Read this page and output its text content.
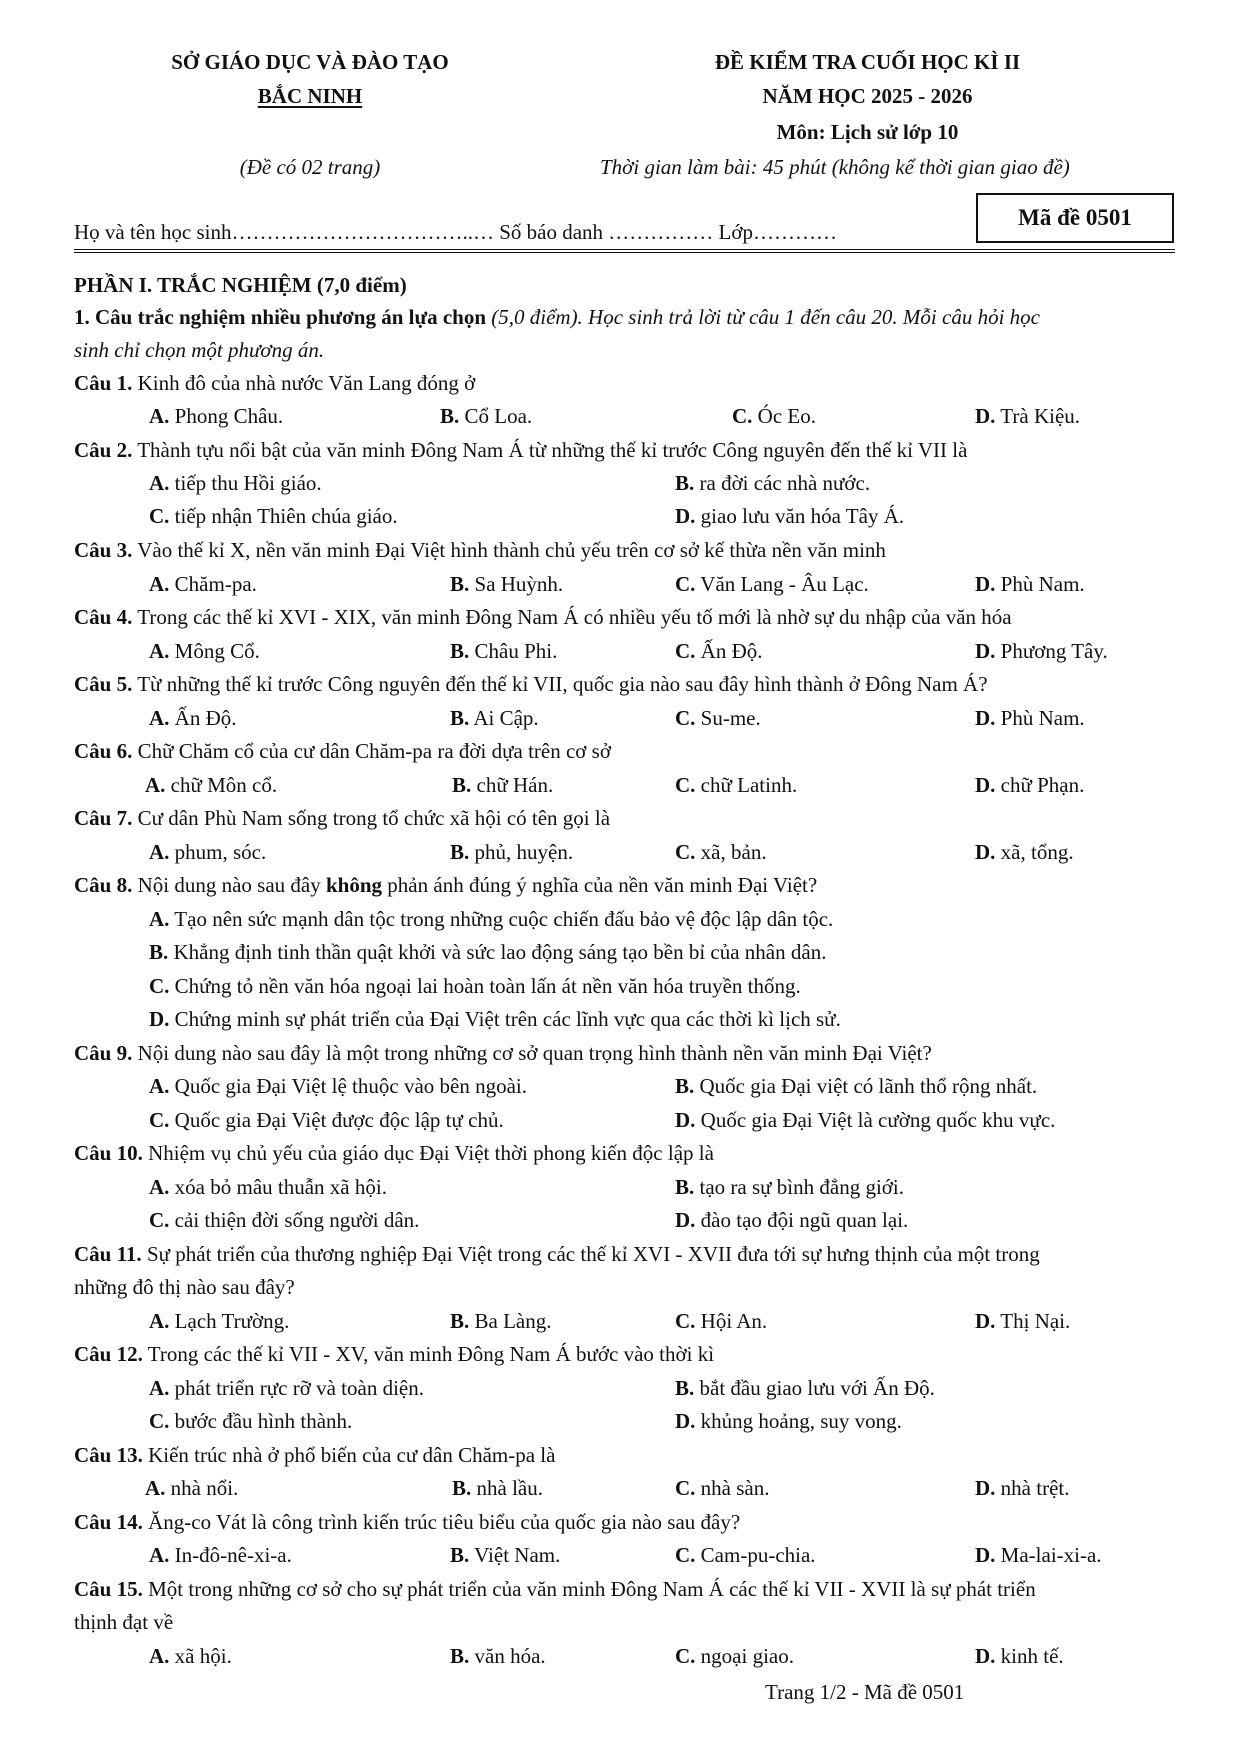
SỞ GIÁO DỤC VÀ ĐÀO TẠO
BẮC NINH
(Đề có 02 trang)
ĐỀ KIỂM TRA CUỐI HỌC KÌ II
NĂM HỌC 2025 - 2026
Môn: Lịch sử lớp 10
Thời gian làm bài: 45 phút (không kể thời gian giao đề)
Họ và tên học sinh……………………………..… Số báo danh …………… Lớp…………
Mã đề 0501
PHẦN I. TRẮC NGHIỆM (7,0 điểm)
1. Câu trắc nghiệm nhiều phương án lựa chọn (5,0 điểm). Học sinh trả lời từ câu 1 đến câu 20. Mỗi câu hỏi học
sinh chỉ chọn một phương án.
Câu 1. Kinh đô của nhà nước Văn Lang đóng ở
A. Phong Châu.	B. Cổ Loa.	C. Óc Eo.	D. Trà Kiệu.
Câu 2. Thành tựu nổi bật của văn minh Đông Nam Á từ những thế kỉ trước Công nguyên đến thế kỉ VII là
A. tiếp thu Hồi giáo.	B. ra đời các nhà nước.
C. tiếp nhận Thiên chúa giáo.	D. giao lưu văn hóa Tây Á.
Câu 3. Vào thế kỉ X, nền văn minh Đại Việt hình thành chủ yếu trên cơ sở kế thừa nền văn minh
A. Chăm-pa.	B. Sa Huỳnh.	C. Văn Lang - Âu Lạc.	D. Phù Nam.
Câu 4. Trong các thế kỉ XVI - XIX, văn minh Đông Nam Á có nhiều yếu tố mới là nhờ sự du nhập của văn hóa
A. Mông Cổ.	B. Châu Phi.	C. Ấn Độ.	D. Phương Tây.
Câu 5. Từ những thế kỉ trước Công nguyên đến thế kỉ VII, quốc gia nào sau đây hình thành ở Đông Nam Á?
A. Ấn Độ.	B. Ai Cập.	C. Su-me.	D. Phù Nam.
Câu 6. Chữ Chăm cổ của cư dân Chăm-pa ra đời dựa trên cơ sở
A. chữ Môn cổ.	B. chữ Hán.	C. chữ Latinh.	D. chữ Phạn.
Câu 7. Cư dân Phù Nam sống trong tổ chức xã hội có tên gọi là
A. phum, sóc.	B. phủ, huyện.	C. xã, bản.	D. xã, tổng.
Câu 8. Nội dung nào sau đây không phản ánh đúng ý nghĩa của nền văn minh Đại Việt?
A. Tạo nên sức mạnh dân tộc trong những cuộc chiến đấu bảo vệ độc lập dân tộc.
B. Khẳng định tinh thần quật khởi và sức lao động sáng tạo bền bỉ của nhân dân.
C. Chứng tỏ nền văn hóa ngoại lai hoàn toàn lấn át nền văn hóa truyền thống.
D. Chứng minh sự phát triển của Đại Việt trên các lĩnh vực qua các thời kì lịch sử.
Câu 9. Nội dung nào sau đây là một trong những cơ sở quan trọng hình thành nền văn minh Đại Việt?
A. Quốc gia Đại Việt lệ thuộc vào bên ngoài.	B. Quốc gia Đại việt có lãnh thổ rộng nhất.
C. Quốc gia Đại Việt được độc lập tự chủ.	D. Quốc gia Đại Việt là cường quốc khu vực.
Câu 10. Nhiệm vụ chủ yếu của giáo dục Đại Việt thời phong kiến độc lập là
A. xóa bỏ mâu thuẫn xã hội.	B. tạo ra sự bình đẳng giới.
C. cải thiện đời sống người dân.	D. đào tạo đội ngũ quan lại.
Câu 11. Sự phát triển của thương nghiệp Đại Việt trong các thế kỉ XVI - XVII đưa tới sự hưng thịnh của một trong
những đô thị nào sau đây?
A. Lạch Trường.	B. Ba Làng.	C. Hội An.	D. Thị Nại.
Câu 12. Trong các thế kỉ VII - XV, văn minh Đông Nam Á bước vào thời kì
A. phát triển rực rỡ và toàn diện.	B. bắt đầu giao lưu với Ấn Độ.
C. bước đầu hình thành.	D. khủng hoảng, suy vong.
Câu 13. Kiến trúc nhà ở phổ biến của cư dân Chăm-pa là
A. nhà nổi.	B. nhà lầu.	C. nhà sàn.	D. nhà trệt.
Câu 14. Ăng-co Vát là công trình kiến trúc tiêu biểu của quốc gia nào sau đây?
A. In-đô-nê-xi-a.	B. Việt Nam.	C. Cam-pu-chia.	D. Ma-lai-xi-a.
Câu 15. Một trong những cơ sở cho sự phát triển của văn minh Đông Nam Á các thế kỉ VII - XVII là sự phát triển
thịnh đạt về
A. xã hội.	B. văn hóa.	C. ngoại giao.	D. kinh tế.
Trang 1/2 - Mã đề 0501
